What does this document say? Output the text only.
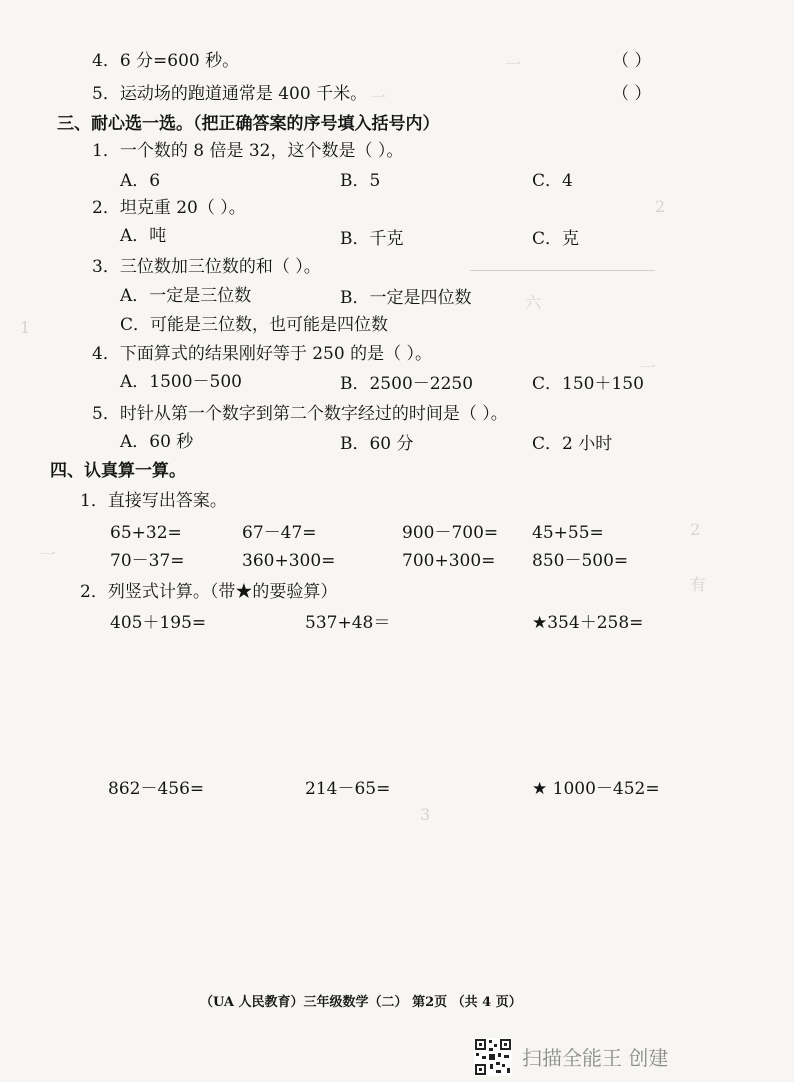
一
一
2
六
1
一
2
一
有
3
4．6 分=600 秒。	（ ）
5．运动场的跑道通常是 400 千米。	（ ）
三、耐心选一选。（把正确答案的序号填入括号内）
1．一个数的 8 倍是 32，这个数是（ ）。
A．6	B．5	C．4
2．坦克重 20（ ）。
A．吨	B．千克	C．克
3．三位数加三位数的和（ ）。
A．一定是三位数	B．一定是四位数
C．可能是三位数，也可能是四位数
4．下面算式的结果刚好等于 250 的是（ ）。
A．1500－500	B．2500－2250	C．150＋150
5．时针从第一个数字到第二个数字经过的时间是（ ）。
A．60 秒	B．60 分	C．2 小时
四、认真算一算。
1．直接写出答案。
65+32=	67－47=	900－700= 45+55=
70－37=	360+300=	700+300= 850－500=
2．列竖式计算。（带★的要验算）
405＋195=	537+48＝	★354＋258=
862－456=	214－65=	★ 1000－452=
（UA 人民教育）三年级数学（二） 第2页 （共 4 页）
扫描全能王 创建
